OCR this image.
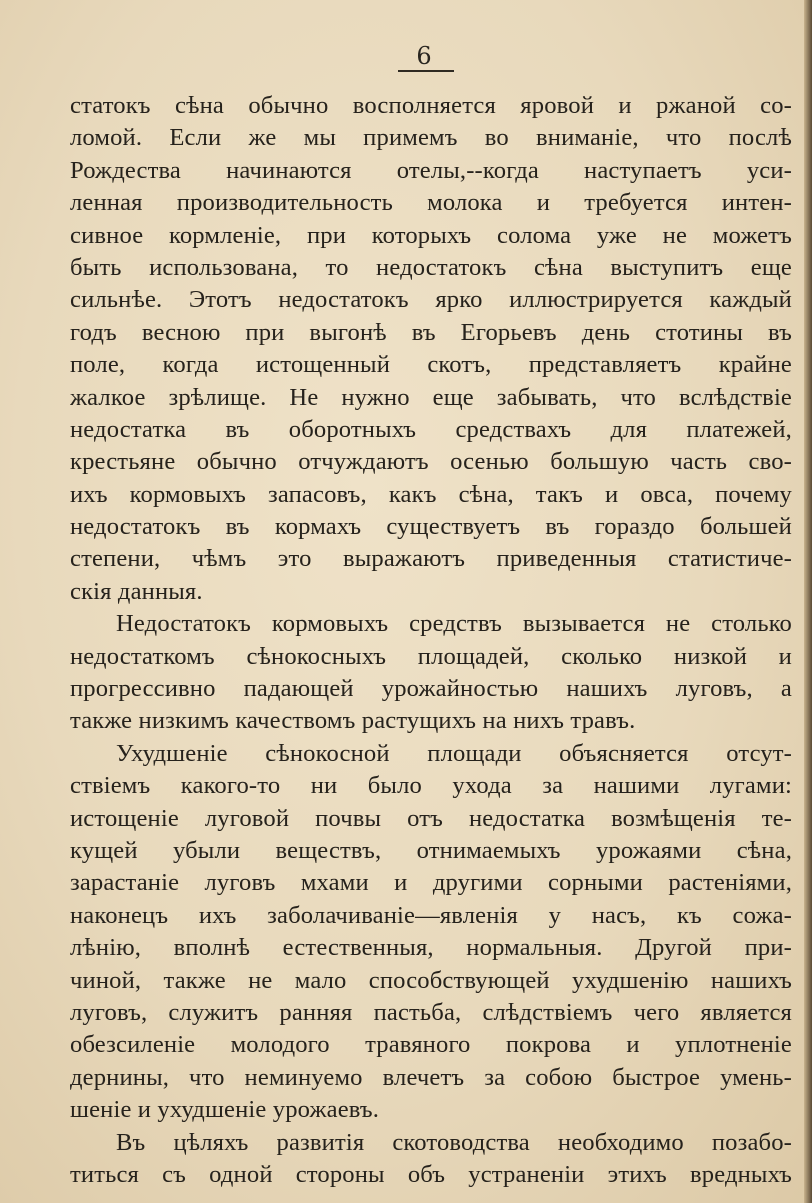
6
статокъ сѣна обычно восполняется яровой и ржаной со-
ломой. Если же мы примемъ во вниманіе, что послѣ
Рождества начинаются отелы,--когда наступаетъ уси-
ленная производительность молока и требуется интен-
сивное кормленіе, при которыхъ солома уже не можетъ
быть использована, то недостатокъ сѣна выступитъ еще
сильнѣе. Этотъ недостатокъ ярко иллюстрируется каждый
годъ весною при выгонѣ въ Егорьевъ день стотины въ
поле, когда истощенный скотъ, представляетъ крайне
жалкое зрѣлище. Не нужно еще забывать, что вслѣдствіе
недостатка въ оборотныхъ средствахъ для платежей,
крестьяне обычно отчуждаютъ осенью большую часть сво-
ихъ кормовыхъ запасовъ, какъ сѣна, такъ и овса, почему
недостатокъ въ кормахъ существуетъ въ гораздо большей
степени, чѣмъ это выражаютъ приведенныя статистиче-
скія данныя.
Недостатокъ кормовыхъ средствъ вызывается не столько
недостаткомъ сѣнокосныхъ площадей, сколько низкой и
прогрессивно падающей урожайностью нашихъ луговъ, а
также низкимъ качествомъ растущихъ на нихъ травъ.
Ухудшеніе сѣнокосной площади объясняется отсут-
ствіемъ какого-то ни было ухода за нашими лугами:
истощеніе луговой почвы отъ недостатка возмѣщенія те-
кущей убыли веществъ, отнимаемыхъ урожаями сѣна,
зарастаніе луговъ мхами и другими сорными растеніями,
наконецъ ихъ заболачиваніе—явленія у насъ, къ сожа-
лѣнію, вполнѣ естественныя, нормальныя. Другой при-
чиной, также не мало способствующей ухудшенію нашихъ
луговъ, служитъ ранняя пастьба, слѣдствіемъ чего является
обезсиленіе молодого травяного покрова и уплотненіе
дернины, что неминуемо влечетъ за собою быстрое умень-
шеніе и ухудшеніе урожаевъ.
Въ цѣляхъ развитія скотоводства необходимо позабо-
титься съ одной стороны объ устраненіи этихъ вредныхъ
